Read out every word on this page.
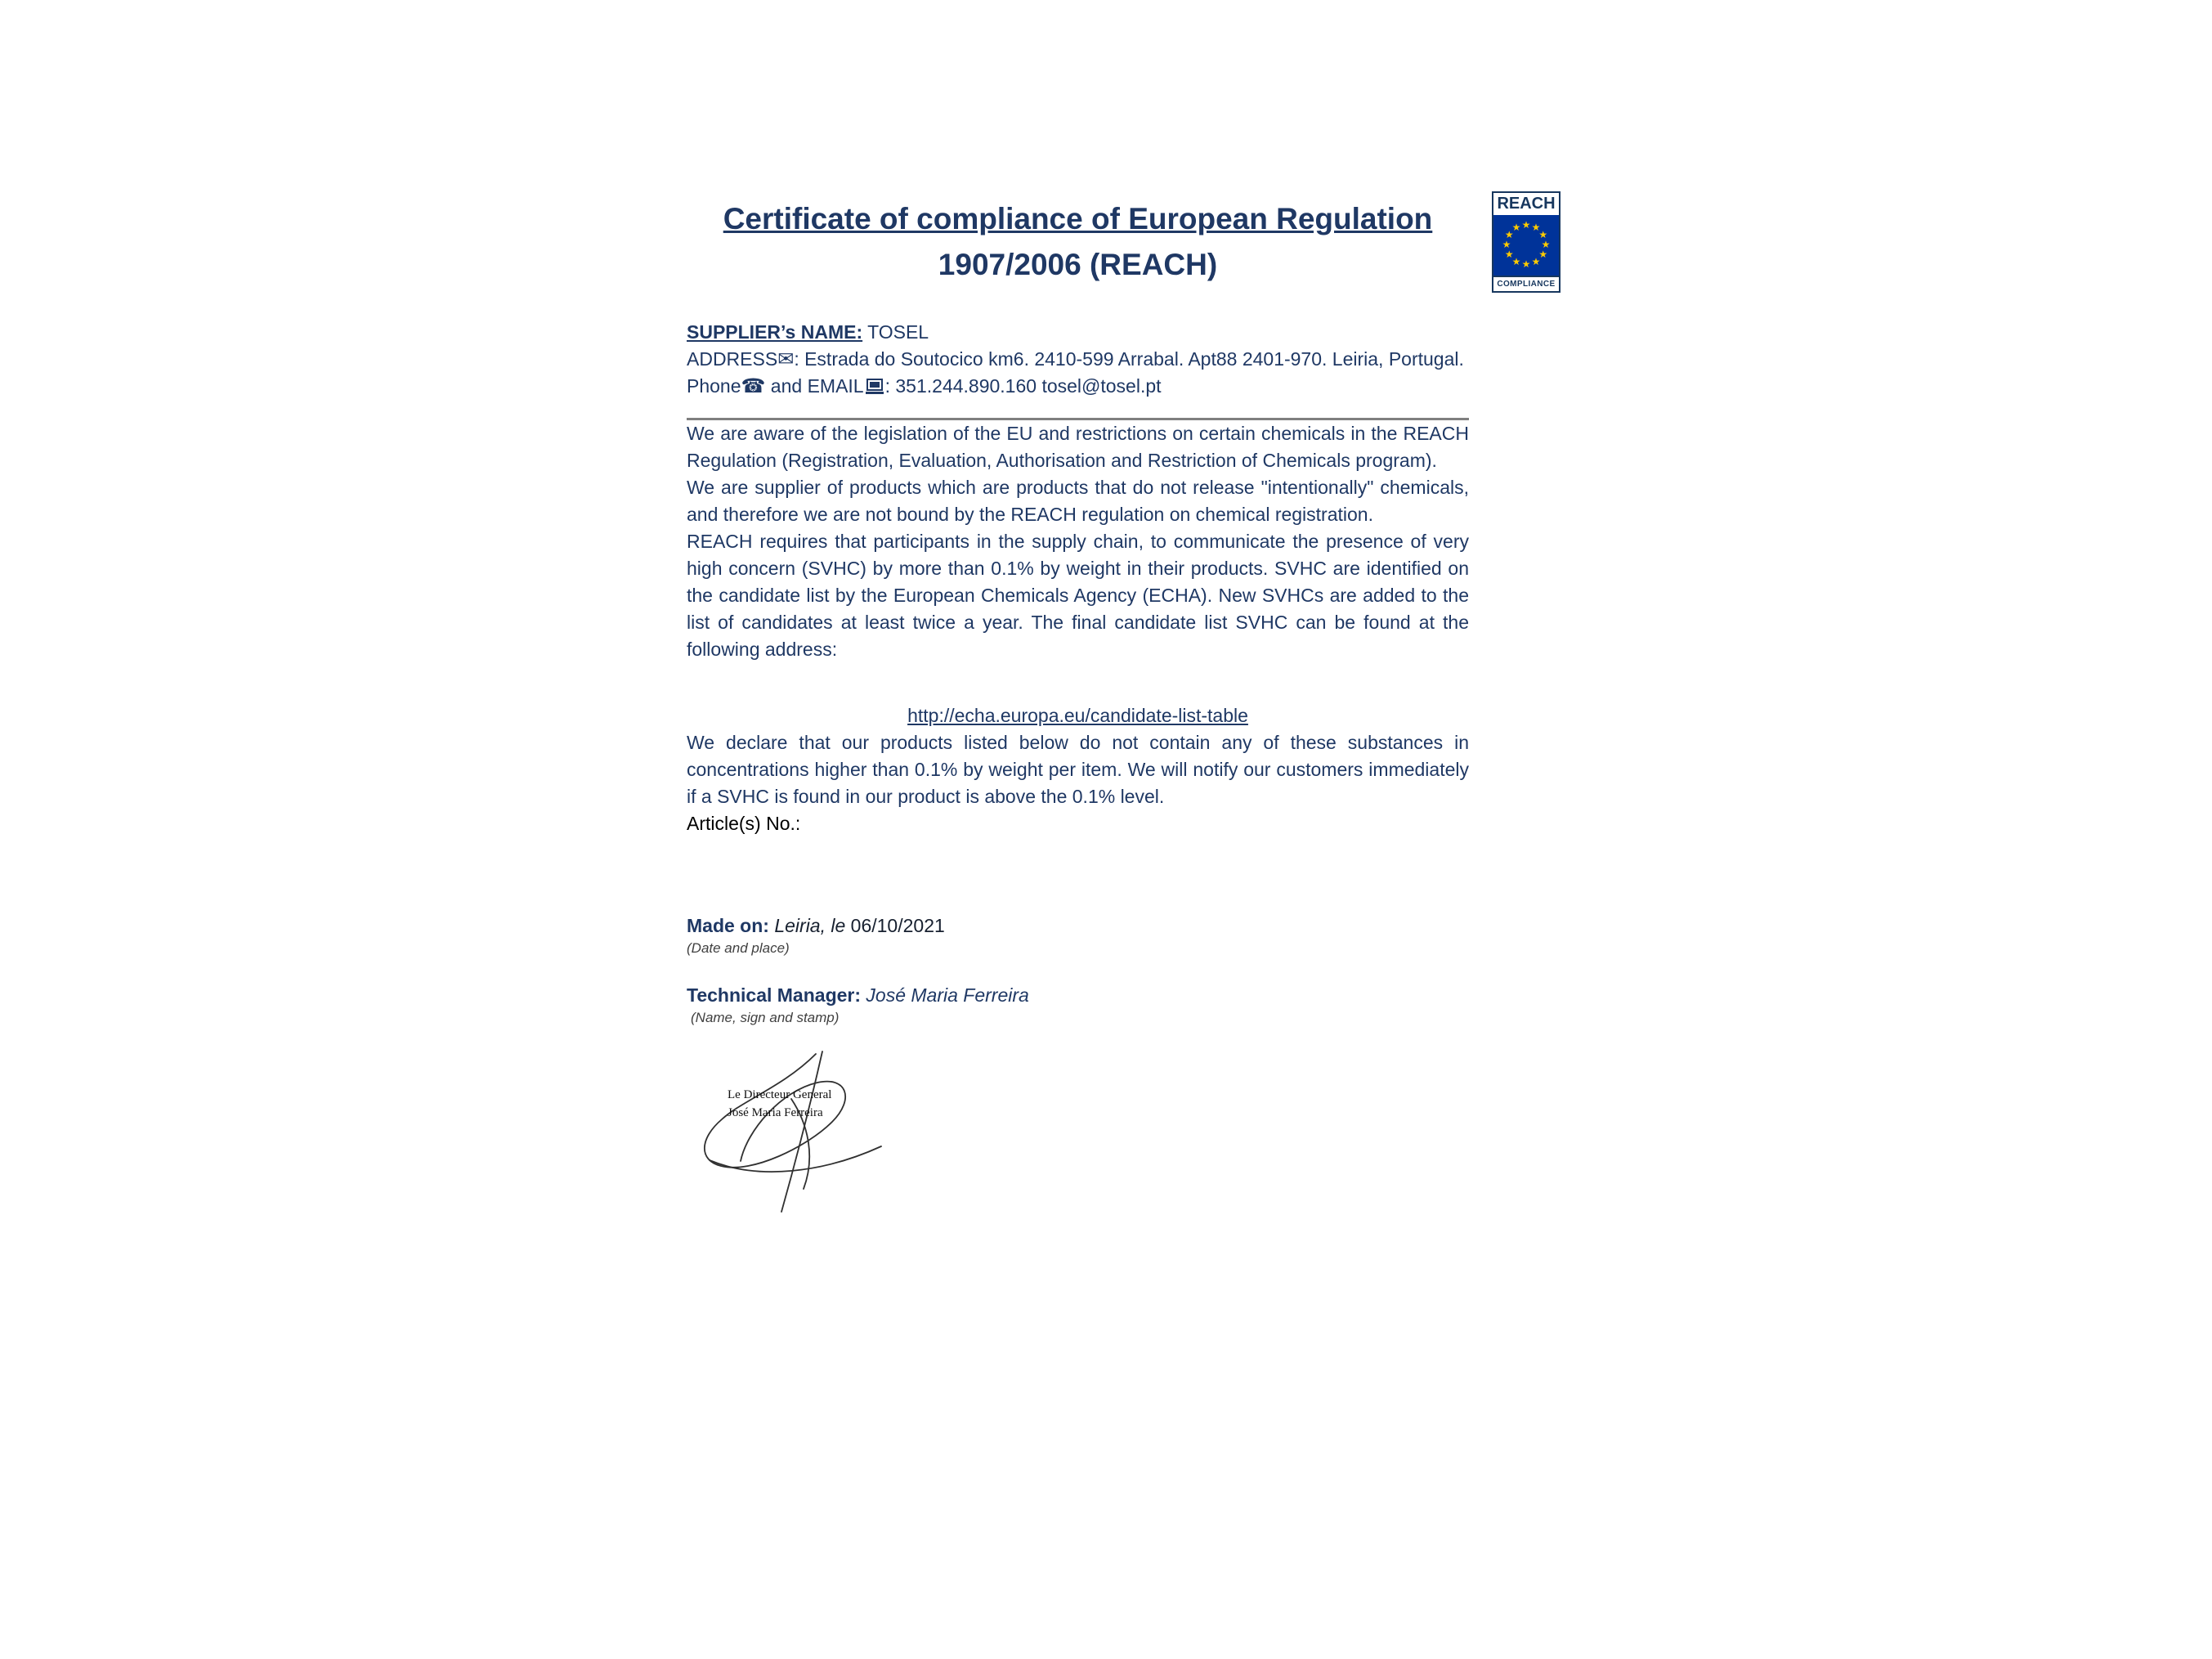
REACH
★ ★
★
★
★
★
★
★
★
★
★
★
COMPLIANCE
Certificate of compliance of European Regulation
1907/2006 (REACH)
SUPPLIER’s NAME: TOSEL
ADDRESS✉: Estrada do Soutocico km6. 2410-599 Arrabal. Apt88 2401-970. Leiria, Portugal.
Phone☎ and EMAIL : 351.244.890.160 tosel@tosel.pt

We are aware of the legislation of the EU and restrictions on certain chemicals in the REACH Regulation (Registration, Evaluation, Authorisation and Restriction of Chemicals program).

We are supplier of products which are products that do not release "intentionally" chemicals, and therefore we are not bound by the REACH regulation on chemical registration.

REACH requires that participants in the supply chain, to communicate the presence of very high concern (SVHC) by more than 0.1% by weight in their products. SVHC are identified on the candidate list by the European Chemicals Agency (ECHA). New SVHCs are added to the list of candidates at least twice a year. The final candidate list SVHC can be found at the following address:

http://echa.europa.eu/candidate-list-table

We declare that our products listed below do not contain any of these substances in concentrations higher than 0.1% by weight per item. We will notify our customers immediately if a SVHC is found in our product is above the 0.1% level.

Article(s) No.:

Made on: Leiria, le 06/10/2021
(Date and place)
Technical Manager: José Maria Ferreira
(Name, sign and stamp)
Le Directeur General
José Maria Ferreira
